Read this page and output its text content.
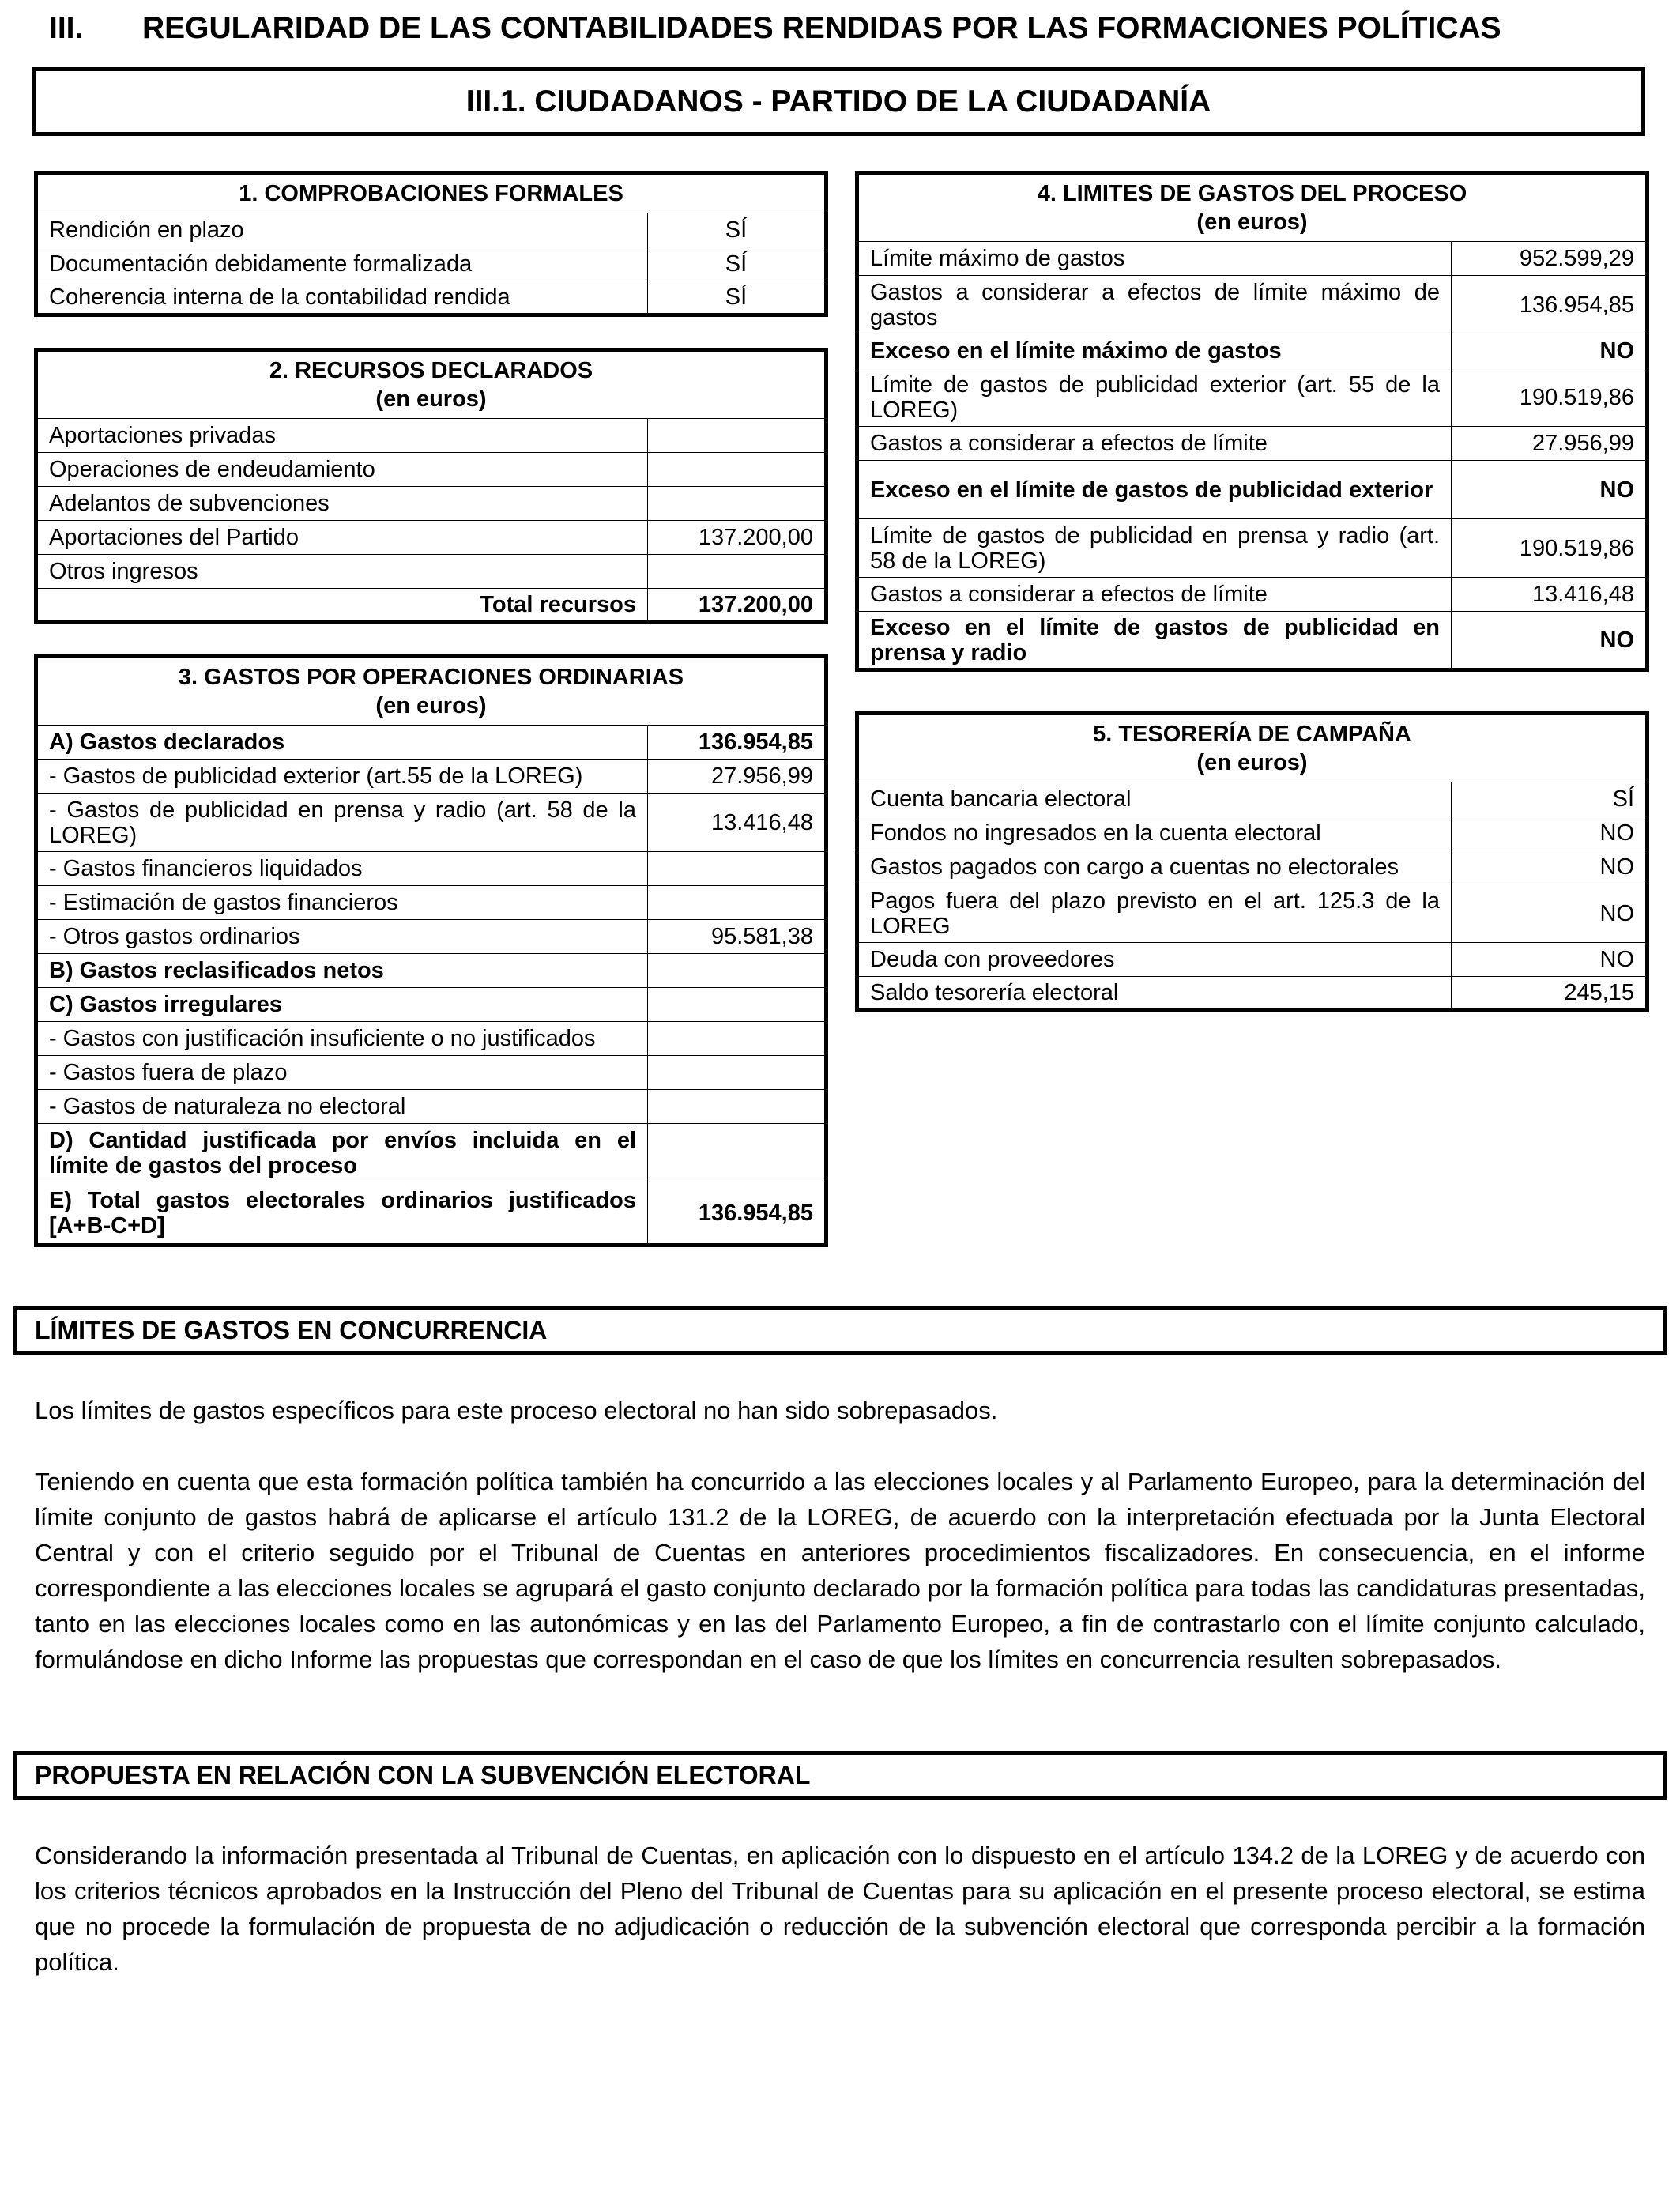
III. REGULARIDAD DE LAS CONTABILIDADES RENDIDAS POR LAS FORMACIONES POLÍTICAS
III.1. CIUDADANOS - PARTIDO DE LA CIUDADANÍA
1. COMPROBACIONES FORMALES	
Rendición en plazo	SÍ
Documentación debidamente formalizada	SÍ
Coherencia interna de la contabilidad rendida	SÍ
2. RECURSOS DECLARADOS
(en euros)	
Aportaciones privadas	
Operaciones de endeudamiento	
Adelantos de subvenciones	
Aportaciones del Partido	137.200,00
Otros ingresos	
Total recursos	137.200,00
3. GASTOS POR OPERACIONES ORDINARIAS
(en euros)	
A) Gastos declarados	136.954,85
- Gastos de publicidad exterior (art.55 de la LOREG)	27.956,99
- Gastos de publicidad en prensa y radio (art. 58 de la LOREG)	13.416,48
- Gastos financieros liquidados	
- Estimación de gastos financieros	
- Otros gastos ordinarios	95.581,38
B) Gastos reclasificados netos	
C) Gastos irregulares	
- Gastos con justificación insuficiente o no justificados	
- Gastos fuera de plazo	
- Gastos de naturaleza no electoral	
D) Cantidad justificada por envíos incluida en el límite de gastos del proceso	
E) Total gastos electorales ordinarios justificados [A+B-C+D]	136.954,85
4. LIMITES DE GASTOS DEL PROCESO
(en euros)	
Límite máximo de gastos	952.599,29
Gastos a considerar a efectos de límite máximo de gastos	136.954,85
Exceso en el límite máximo de gastos	NO
Límite de gastos de publicidad exterior (art. 55 de la LOREG)	190.519,86
Gastos a considerar a efectos de límite	27.956,99
Exceso en el límite de gastos de publicidad exterior	NO
Límite de gastos de publicidad en prensa y radio (art. 58 de la LOREG)	190.519,86
Gastos a considerar a efectos de límite	13.416,48
Exceso en el límite de gastos de publicidad en prensa y radio	NO
5. TESORERÍA DE CAMPAÑA
(en euros)	
Cuenta bancaria electoral	SÍ
Fondos no ingresados en la cuenta electoral	NO
Gastos pagados con cargo a cuentas no electorales	NO
Pagos fuera del plazo previsto en el art. 125.3 de la LOREG	NO
Deuda con proveedores	NO
Saldo tesorería electoral	245,15
LÍMITES DE GASTOS EN CONCURRENCIA

Los límites de gastos específicos para este proceso electoral no han sido sobrepasados.

Teniendo en cuenta que esta formación política también ha concurrido a las elecciones locales y al Parlamento Europeo, para la determinación del límite conjunto de gastos habrá de aplicarse el artículo 131.2 de la LOREG, de acuerdo con la interpretación efectuada por la Junta Electoral Central y con el criterio seguido por el Tribunal de Cuentas en anteriores procedimientos fiscalizadores. En consecuencia, en el informe correspondiente a las elecciones locales se agrupará el gasto conjunto declarado por la formación política para todas las candidaturas presentadas, tanto en las elecciones locales como en las autonómicas y en las del Parlamento Europeo, a fin de contrastarlo con el límite conjunto calculado, formulándose en dicho Informe las propuestas que correspondan en el caso de que los límites en concurrencia resulten sobrepasados.

PROPUESTA EN RELACIÓN CON LA SUBVENCIÓN ELECTORAL

Considerando la información presentada al Tribunal de Cuentas, en aplicación con lo dispuesto en el artículo 134.2 de la LOREG y de acuerdo con los criterios técnicos aprobados en la Instrucción del Pleno del Tribunal de Cuentas para su aplicación en el presente proceso electoral, se estima que no procede la formulación de propuesta de no adjudicación o reducción de la subvención electoral que corresponda percibir a la formación política.
